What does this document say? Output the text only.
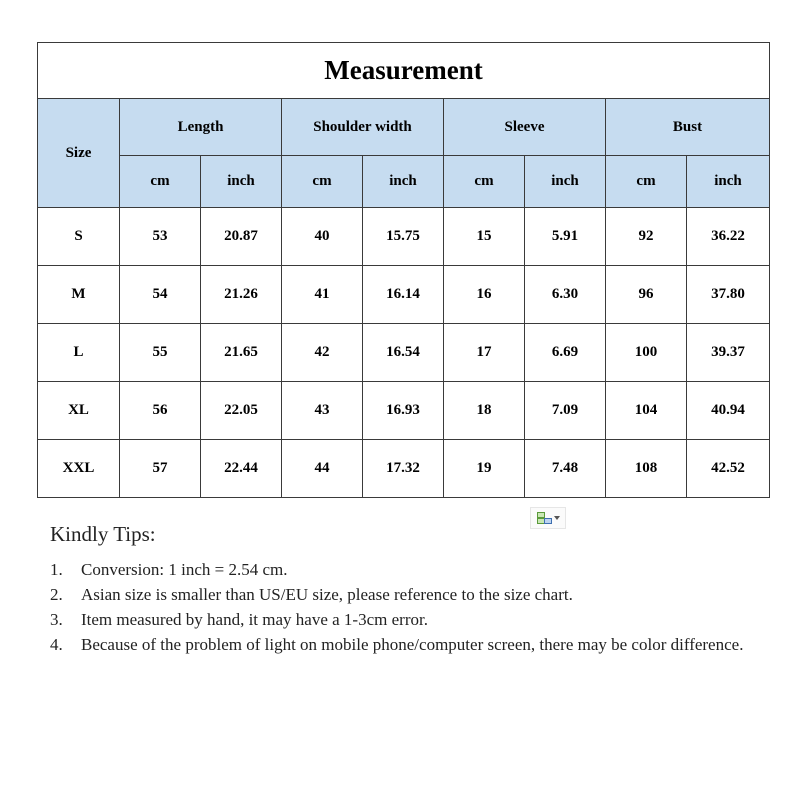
Measurement								
Size	Length		Shoulder width		Sleeve		Bust	
	cm	inch	cm	inch	cm	inch	cm	inch
S	53	20.87	40	15.75	15	5.91	92	36.22
M	54	21.26	41	16.14	16	6.30	96	37.80
L	55	21.65	42	16.54	17	6.69	100	39.37
XL	56	22.05	43	16.93	18	7.09	104	40.94
XXL	57	22.44	44	17.32	19	7.48	108	42.52
Kindly Tips:
1.	Conversion: 1 inch = 2.54 cm.
2.	Asian size is smaller than US/EU size, please reference to the size chart.
3.	Item measured by hand, it may have a 1-3cm error.
4.	Because of the problem of light on mobile phone/computer screen, there may be color difference.
